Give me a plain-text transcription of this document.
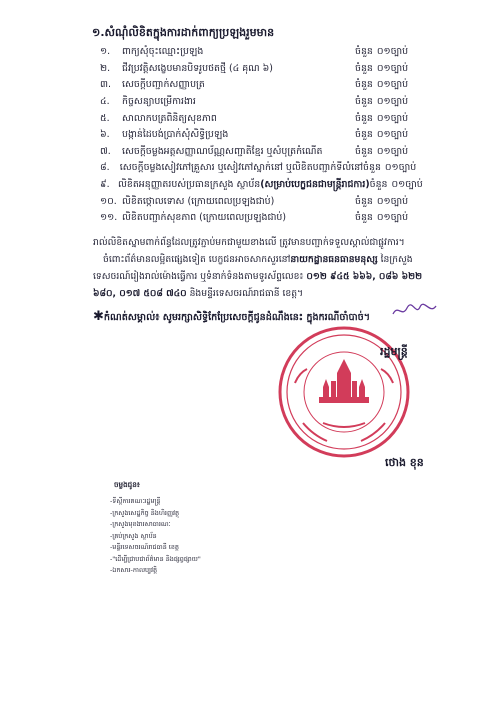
១.សំណុំលិខិតក្នុងការដាក់ពាក្យប្រឡងរួមមាន
១.	ពាក្យសុំចុះឈ្មោះប្រឡង	ចំនួន ០១ច្បាប់
២.	ជីវប្រវត្តិសង្ខេបមានបិទរូបថតថ្មី (៤ គុណ ៦)	ចំនួន ០១ច្បាប់
៣.	សេចក្តីបញ្ជាក់សញ្ញាបត្រ	ចំនួន ០១ច្បាប់
៤.	កិច្ចសន្យាបម្រើការងារ	ចំនួន ០១ច្បាប់
៥.	សាលាកបត្រពិនិត្យសុខភាព	ចំនួន ០១ច្បាប់
៦.	បង្កាន់ដៃបង់ប្រាក់សុំសិទ្ធិប្រឡង	ចំនួន ០១ច្បាប់
៧.	សេចក្តីចម្លងអត្តសញ្ញាណប័ណ្ណសញ្ជាតិខ្មែរ ឬសំបុត្រកំណើត	ចំនួន ០១ច្បាប់
៨.	សេចក្តីចម្លងសៀវភៅគ្រួសារ ឬសៀវភៅស្នាក់នៅ ឬលិខិតបញ្ជាក់ទីលំនៅ ចំនួន ០១ច្បាប់
៩. លិខិតអនុញ្ញាតរបស់ប្រធានក្រសួង ស្ថាប័ន(សម្រាប់បេក្ខជនជាមន្ត្រីរាជការ) ចំនួន ០១ច្បាប់
១០. លិខិតថ្កោលទោស (ក្រោយពេលប្រឡងជាប់)	ចំនួន ០១ច្បាប់
១១. លិខិតបញ្ជាក់សុខភាព (ក្រោយពេលប្រឡងជាប់)	ចំនួន ០១ច្បាប់

រាល់លិខិតស្នាមពាក់ព័ន្ធដែលត្រូវភ្ជាប់មកជាមួយខាងលើ ត្រូវមានបញ្ជាក់ទទួលស្គាល់ជាផ្លូវការ។

ចំពោះព័ត៌មានលម្អិតផ្សេងទៀត បេក្ខជនអាចសាកសួរនៅនាយកដ្ឋានធនធានមនុស្ស នៃក្រសួងទេសចរណ៍រៀងរាល់ម៉ោងធ្វើការ ឬទំនាក់ទំនងតាមទូរស័ព្ទលេខ៖ ០១២ ៩៤៥ ៦៦៦, ០៨៦ ៦២២ ៦៨០, ០១៧ ៥០៨ ៧៤០ និងមន្ទីរទេសចរណ៍រាជធានី ខេត្ត។

✱កំណត់សម្គាល់៖ សូមរក្សាសិទ្ធិកែប្រែសេចក្តីជូនដំណឹងនេះ ក្នុងករណីចាំបាច់។
រដ្ឋមន្ត្រី
ថោង ខុន
ចម្លងជូន៖
-ទីស្តីការគណៈរដ្ឋមន្ត្រី
-ក្រសួងសេដ្ឋកិច្ច និងហិរញ្ញវត្ថុ
-ក្រសួងមុខងារសាធារណៈ
-គ្រប់ក្រសួង ស្ថាប័ន
-មន្ទីរទេសចរណ៍រាជធានី ខេត្ត
-"ដើម្បីជ្រាបជាព័ត៌មាន និងផ្សព្វផ្សាយ"
-ឯកសារ-កាលប្បវត្តិ
